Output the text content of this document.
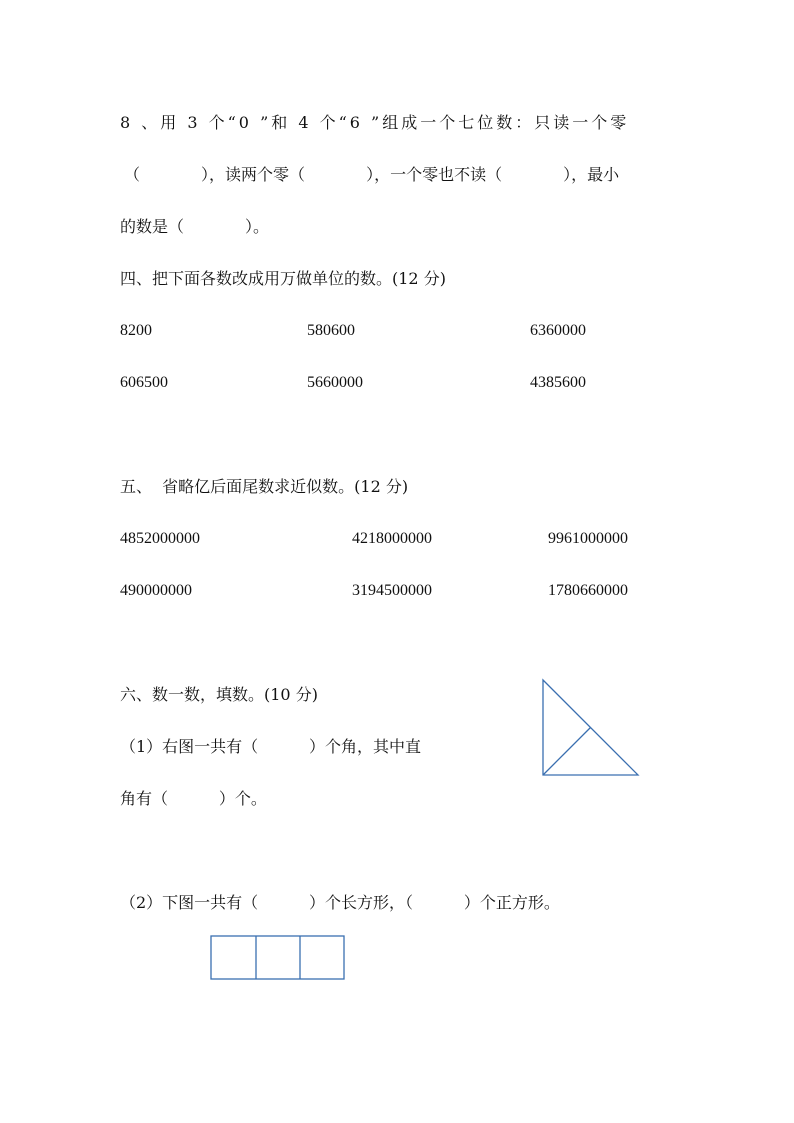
8 、用 3 个“0 ”和 4 个“6 ”组成一个七位数：只读一个零
（            ），读两个零（            ），一个零也不读（            ），最小
的数是（            ）。
四、把下面各数改成用万做单位的数。(12 分)
8200	580600	6360000
606500	5660000	4385600
五、  省略亿后面尾数求近似数。(12 分)
4852000000	4218000000	9961000000
490000000	3194500000	1780660000
六、数一数，填数。(10 分)
（1）右图一共有（          ）个角，其中直
角有（          ）个。
（2）下图一共有（          ）个长方形，（          ）个正方形。
